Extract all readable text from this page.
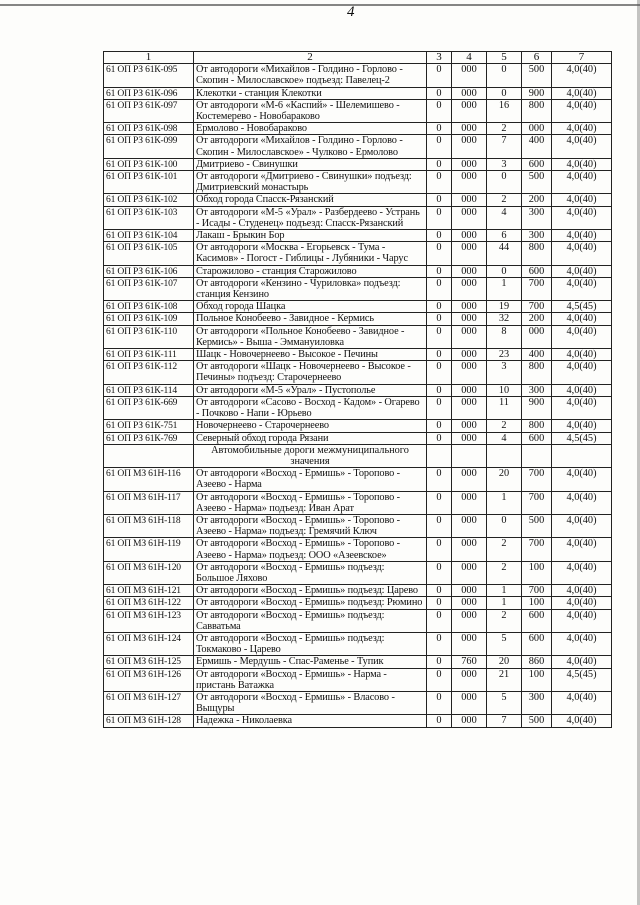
4
1	2	3	4	5	6	7
61 ОП РЗ 61К-095	От автодороги «Михайлов - Голдино - Горлово - Скопин - Милославское» подъезд: Павелец-2	0	000	0	500	4,0(40)
61 ОП РЗ 61К-096	Клекотки - станция Клекотки	0	000	0	900	4,0(40)
61 ОП РЗ 61К-097	От автодороги «М-6 «Каспий» - Шелемишево - Костемерево - Новобараково	0	000	16	800	4,0(40)
61 ОП РЗ 61К-098	Ермолово - Новобараково	0	000	2	000	4,0(40)
61 ОП РЗ 61К-099	От автодороги «Михайлов - Голдино - Горлово - Скопин - Милославское» - Чулково - Ермолово	0	000	7	400	4,0(40)
61 ОП РЗ 61К-100	Дмитриево - Свинушки	0	000	3	600	4,0(40)
61 ОП РЗ 61К-101	От автодороги «Дмитриево - Свинушки» подъезд: Дмитриевский монастырь	0	000	0	500	4,0(40)
61 ОП РЗ 61К-102	Обход города Спасск-Рязанский	0	000	2	200	4,0(40)
61 ОП РЗ 61К-103	От автодороги «М-5 «Урал» - Разбердеево - Устрань - Исады - Студенец» подъезд: Спасск-Рязанский	0	000	4	300	4,0(40)
61 ОП РЗ 61К-104	Лакаш - Брыкин Бор	0	000	6	300	4,0(40)
61 ОП РЗ 61К-105	От автодороги «Москва - Егорьевск - Тума - Касимов» - Погост - Гиблицы - Лубяники - Чарус	0	000	44	800	4,0(40)
61 ОП РЗ 61К-106	Старожилово - станция Старожилово	0	000	0	600	4,0(40)
61 ОП РЗ 61К-107	От автодороги «Кензино - Чуриловка» подъезд: станция Кензино	0	000	1	700	4,0(40)
61 ОП РЗ 61К-108	Обход города Шацка	0	000	19	700	4,5(45)
61 ОП РЗ 61К-109	Польное Конобеево - Завидное - Кермись	0	000	32	200	4,0(40)
61 ОП РЗ 61К-110	От автодороги «Польное Конобеево - Завидное - Кермись» - Выша - Эммануиловка	0	000	8	000	4,0(40)
61 ОП РЗ 61К-111	Шацк - Новочернеево - Высокое - Печины	0	000	23	400	4,0(40)
61 ОП РЗ 61К-112	От автодороги «Шацк - Новочернеево - Высокое - Печины» подъезд: Старочернеево	0	000	3	800	4,0(40)
61 ОП РЗ 61К-114	От автодороги «М-5 «Урал» - Пустополье	0	000	10	300	4,0(40)
61 ОП РЗ 61К-669	От автодороги «Сасово - Восход - Кадом» - Огарево - Почково - Напи - Юрьево	0	000	11	900	4,0(40)
61 ОП РЗ 61К-751	Новочернеево - Старочернеево	0	000	2	800	4,0(40)
61 ОП РЗ 61К-769	Северный обход города Рязани	0	000	4	600	4,5(45)
	Автомобильные дороги межмуниципального значения					
61 ОП МЗ 61Н-116	От автодороги «Восход - Ермишь» - Торопово - Азеево - Нарма	0	000	20	700	4,0(40)
61 ОП МЗ 61Н-117	От автодороги «Восход - Ермишь» - Торопово - Азеево - Нарма» подъезд: Иван Арат	0	000	1	700	4,0(40)
61 ОП МЗ 61Н-118	От автодороги «Восход - Ермишь» - Торопово - Азеево - Нарма» подъезд: Гремячий Ключ	0	000	0	500	4,0(40)
61 ОП МЗ 61Н-119	От автодороги «Восход - Ермишь» - Торопово - Азеево - Нарма» подъезд: ООО «Азеевское»	0	000	2	700	4,0(40)
61 ОП МЗ 61Н-120	От автодороги «Восход - Ермишь» подъезд: Большое Ляхово	0	000	2	100	4,0(40)
61 ОП МЗ 61Н-121	От автодороги «Восход - Ермишь» подъезд: Царево	0	000	1	700	4,0(40)
61 ОП МЗ 61Н-122	От автодороги «Восход - Ермишь» подъезд: Рюмино	0	000	1	100	4,0(40)
61 ОП МЗ 61Н-123	От автодороги «Восход - Ермишь» подъезд: Савватьма	0	000	2	600	4,0(40)
61 ОП МЗ 61Н-124	От автодороги «Восход - Ермишь» подъезд: Токмаково - Царево	0	000	5	600	4,0(40)
61 ОП МЗ 61Н-125	Ермишь - Мердушь - Спас-Раменье - Тупик	0	760	20	860	4,0(40)
61 ОП МЗ 61Н-126	От автодороги «Восход - Ермишь» - Нарма - пристань Ватажка	0	000	21	100	4,5(45)
61 ОП МЗ 61Н-127	От автодороги «Восход - Ермишь» - Власово - Выщуры	0	000	5	300	4,0(40)
61 ОП МЗ 61Н-128	Надежка - Николаевка	0	000	7	500	4,0(40)
